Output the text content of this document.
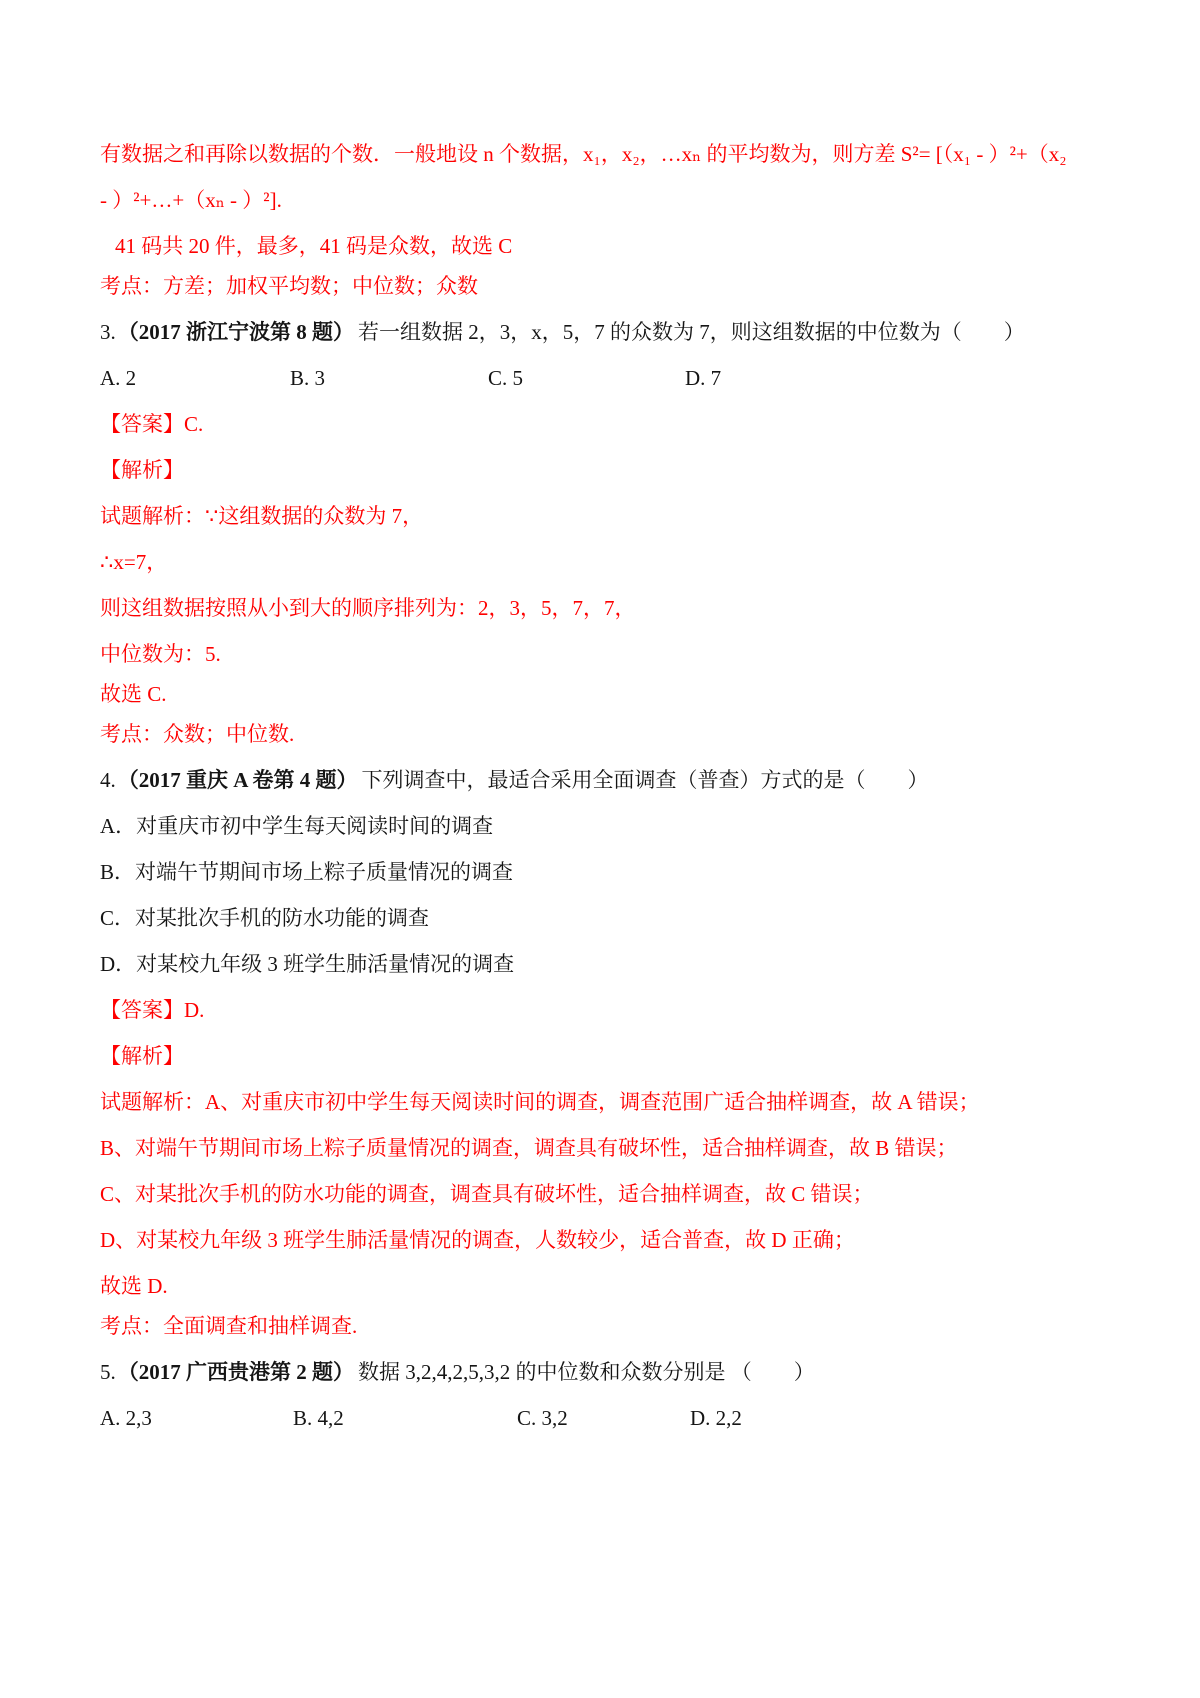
有数据之和再除以数据的个数．一般地设 n 个数据，x₁，x₂，…xₙ 的平均数为，则方差 S²= [（x₁ - ）²+（x₂

- ）²+…+（xₙ - ）²].

41 码共 20 件，最多，41 码是众数，故选 C

考点：方差；加权平均数；中位数；众数

3.（2017 浙江宁波第 8 题） 若一组数据 2，3，x，5，7 的众数为 7，则这组数据的中位数为（　　）

A. 2	B. 3	C. 5	D. 7

【答案】C.

【解析】

试题解析：∵这组数据的众数为 7，

∴x=7，

则这组数据按照从小到大的顺序排列为：2，3，5，7，7，

中位数为：5.

故选 C.

考点：众数；中位数.

4.（2017 重庆 A 卷第 4 题） 下列调查中，最适合采用全面调查（普查）方式的是（　　）

A．对重庆市初中学生每天阅读时间的调查

B．对端午节期间市场上粽子质量情况的调查

C．对某批次手机的防水功能的调查

D．对某校九年级 3 班学生肺活量情况的调查

【答案】D.

【解析】

试题解析：A、对重庆市初中学生每天阅读时间的调查，调查范围广适合抽样调查，故 A 错误；

B、对端午节期间市场上粽子质量情况的调查，调查具有破坏性，适合抽样调查，故 B 错误；

C、对某批次手机的防水功能的调查，调查具有破坏性，适合抽样调查，故 C 错误；

D、对某校九年级 3 班学生肺活量情况的调查，人数较少，适合普查，故 D 正确；

故选 D.

考点：全面调查和抽样调查.

5.（2017 广西贵港第 2 题） 数据 3,2,4,2,5,3,2 的中位数和众数分别是 （　　）

A. 2,3	B. 4,2	C. 3,2	D. 2,2
